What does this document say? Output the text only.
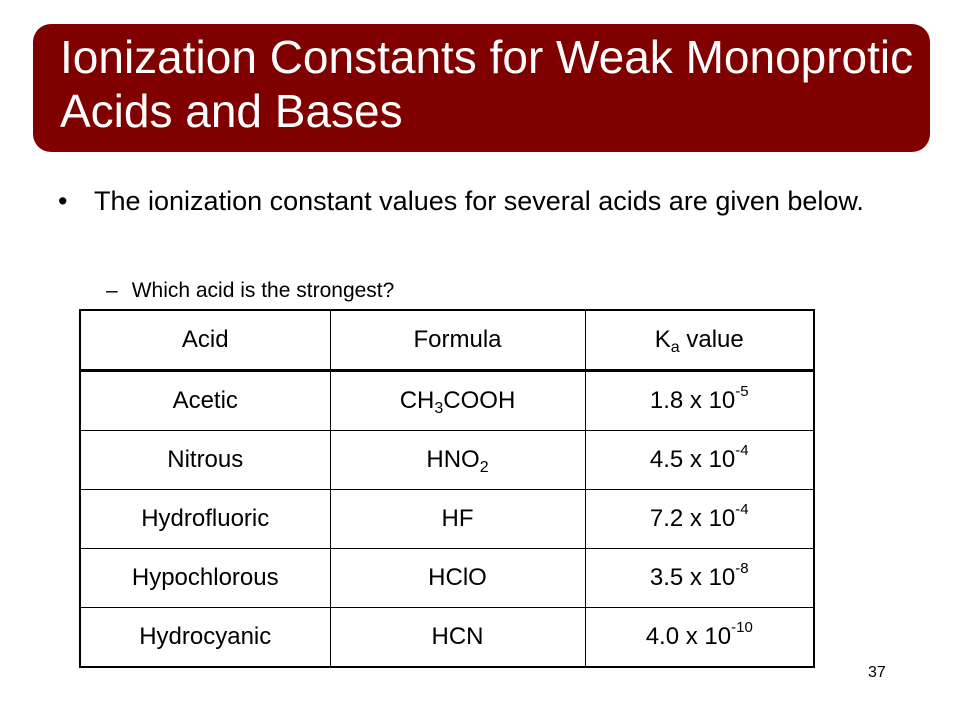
Ionization Constants for Weak Monoprotic Acids and Bases
• The ionization constant values for several acids are given below.
– Which acid is the strongest?
Acid	Formula	$K_a$ value
Acetic	$CH_3COOH$	1.8 x $10^{-5}$
Nitrous	$HNO_2$	4.5 x $10^{-4}$
Hydrofluoric	HF	7.2 x $10^{-4}$
Hypochlorous	HClO	3.5 x $10^{-8}$
Hydrocyanic	HCN	4.0 x $10^{-10}$
37
